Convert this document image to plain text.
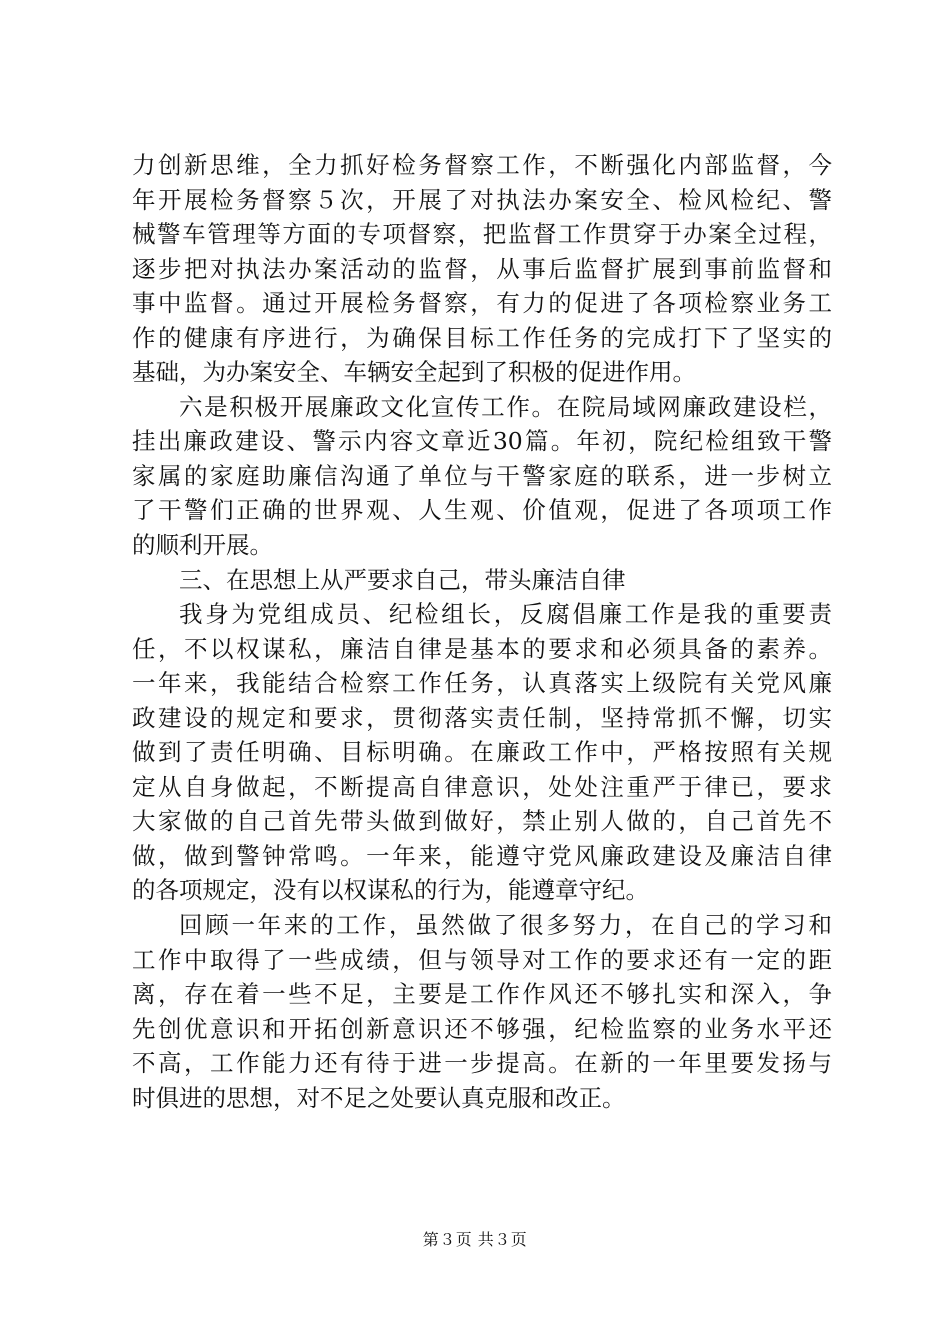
力创新思维，全力抓好检务督察工作，不断强化内部监督，今
年开展检务督察５次，开展了对执法办案安全、检风检纪、警
械警车管理等方面的专项督察，把监督工作贯穿于办案全过程，
逐步把对执法办案活动的监督，从事后监督扩展到事前监督和
事中监督。通过开展检务督察，有力的促进了各项检察业务工
作的健康有序进行，为确保目标工作任务的完成打下了坚实的
基础，为办案安全、车辆安全起到了积极的促进作用。
六是积极开展廉政文化宣传工作。在院局域网廉政建设栏，
挂出廉政建设、警示内容文章近30篇。年初，院纪检组致干警
家属的家庭助廉信沟通了单位与干警家庭的联系，进一步树立
了干警们正确的世界观、人生观、价值观，促进了各项项工作
的顺利开展。
三、在思想上从严要求自己，带头廉洁自律
我身为党组成员、纪检组长，反腐倡廉工作是我的重要责
任，不以权谋私，廉洁自律是基本的要求和必须具备的素养。
一年来，我能结合检察工作任务，认真落实上级院有关党风廉
政建设的规定和要求，贯彻落实责任制，坚持常抓不懈，切实
做到了责任明确、目标明确。在廉政工作中，严格按照有关规
定从自身做起，不断提高自律意识，处处注重严于律已，要求
大家做的自己首先带头做到做好，禁止别人做的，自己首先不
做，做到警钟常鸣。一年来，能遵守党风廉政建设及廉洁自律
的各项规定，没有以权谋私的行为，能遵章守纪。
回顾一年来的工作，虽然做了很多努力，在自己的学习和
工作中取得了一些成绩，但与领导对工作的要求还有一定的距
离，存在着一些不足，主要是工作作风还不够扎实和深入，争
先创优意识和开拓创新意识还不够强，纪检监察的业务水平还
不高，工作能力还有待于进一步提高。在新的一年里要发扬与
时俱进的思想，对不足之处要认真克服和改正。
第３页 共３页
